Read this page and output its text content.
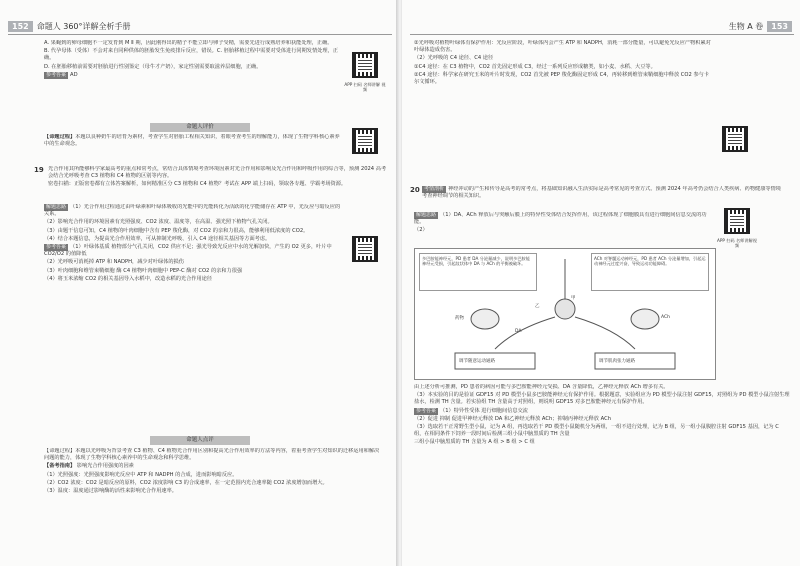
152	命题人 360°详解全析手册

A. 果蝇到的卵母细胞不一定发育到 M Ⅱ 期，因此刚得出的精子不能立即与卵子受精，需要先进行成熟培养和获能处理，正确。

B. 代孕母体（受体）不会对来自同种供体的胚胎发生免疫排斥反应，错误。C. 胚胎移植过程中需要对受体进行同期发情处理，正确。

D. 在胚胎移植前需要对胚胎进行性别鉴定（母牛才产奶），家定性别需要取滋养层细胞，正确。

参考答案 AD

APP 扫码 名师讲解 视频
命题人评价

【命题过程】本题以良种奶牛的培育为素材，考查学生对胚胎工程相关知识，着眼考查考生的理解能力，体现了生物学科核心素养中的生命观念。

19 光合作用其所能够科学家最高考的重点和常考点，常结合具体情境考查环境因素对光合作用和影响及光合作用和呼吸作用的综合等，预测 2024 高考会结合光呼吸考查 C3 植物和 C4 植物的区别等内容。

密卷扫描：正版密卷都有立体答案解析，如何精准区分 C3 植物和 C4 植物？考试在 APP 端上扫码，领取各专题、学霸考场资源。

解题思路 （1）光合作用过程通过由叶绿素和叶绿体吸收的光能中的光能转化为活跃的化学能储存在 ATP 中，光反应与暗反应的关系。

（2）影响光合作用的环境因素有光照强度、CO2 浓度、温度等，在高温、强光照下植物气孔关闭。

（3）由题干信息可知，C4 植物的叶肉细胞中含有 PEP 羧化酶，对 CO2 的亲和力很高，能够利用低浓度的 CO2。

（4）结合本题信息，为提高光合作用效率，可从抑制光呼吸、引入 C4 途径相关基因等方面考虑。

参考答案 （1）叶绿体基质 植物部分气孔关闭，CO2 供应不足；强光导致光反应中水的光解加快，产生的 O2 更多，叶片中 CO2/O2 的值降低

（2）光呼吸可消耗掉 ATP 和 NADPH，减少对叶绿体的损伤

（3）叶肉细胞和维管束鞘细胞 酶 C4 植物叶肉细胞中 PEP-C 酶对 CO2 的亲和力很强

（4）将玉米浓缩 CO2 的相关基因导入水稻中，改造水稻的光合作用途径

命题人点评

【命题过程】本题以光呼吸为背景考查 C3 植物、C4 植物光合作用区别和提高光合作用效率的方法等内容，着重考查学生对知识的迁移运用和解决问题的能力，体现了生物学科核心素养中的生命观念和科学思维。

【备考指南】 影响光合作用强度的因素

（1）光照强度：光照强度影响光反应中 ATP 和 NADPH 的合成，进而影响暗反应。

（2）CO2 浓度：CO2 是暗反应的原料，CO2 浓度影响 C3 的合成速率，在一定范围内光合速率随 CO2 浓度增加而增大。

（3）温度：温度通过影响酶的活性来影响光合作用速率。

生物 A 卷	153

②光呼吸对植物叶绿体有保护作用：光反应阶段，叶绿体内会产生 ATP 和 NADPH，消耗一部分能量，可以避免光反应产物积累对叶绿体造成伤害。

（2）光呼吸的 C4 途径、C4 途径

①C4 途径：在 C3 植物中，CO2 首先固定形成 C3，经过一系列反应形成糖类，如小麦、水稻、大豆等。

②C4 途径：科学家在研究玉米的叶片时发现，CO2 首先被 PEP 羧化酶固定形成 C4，再转移到维管束鞘细胞中释放 CO2 参与卡尔文循环。

20 考情剖析 神经冲动的产生和传导是高考的常考点，将基础知识融入生活实际是高考常见的考查方式。预测 2024 年高考仍会结合人类疾病、药物健康等情境考查神经调节的相关知识。

解题思路 （1）DA、ACh 释放后与突触后膜上的特异性受体结合发挥作用，该过程体现了细胞膜具有进行细胞间信息交流的功能。

（2）

APP 扫码 名师讲解视频
多巴胺能神经元，PD 患者 DA 分泌量减少，说明多巴胺能神经元受损，引起纹状体中 DA 与 ACh 的平衡被破坏。
ACh 对脊髓运动神经元，PD 患者 ACh 分泌量增加，引起运动神经元过度兴奋，导致运动功能障碍。
药物
DA
ACh
甲
乙
调节随意运动通路	调节肌肉张力通路

由上述分析可推测，PD 患者的病因可能与多巴胺能神经元受损、DA 含量降低，乙神经元释放 ACh 增多有关。

（3）本实验的目的是验证 GDF15 对 PD 模型小鼠多巴胺能神经元有保护作用。根据题意，实验组应为 PD 模型小鼠注射 GDF15，对照组为 PD 模型小鼠注射生理盐水，检测 TH 含量。若实验组 TH 含量高于对照组，则说明 GDF15 对多巴胺能神经元有保护作用。

参考答案 （1）特异性受体 进行细胞间信息交流

（2）促进 抑制 促进甲神经元释放 DA 和乙神经元释放 ACh；抑制丙神经元释放 ACh

（3）选取若干正常野生型小鼠，记为 A 组，再选取若干 PD 模型小鼠随机分为两组，一组不进行处理，记为 B 组，另一组小鼠腹腔注射 GDF15 基因，记为 C 组，在相同条件下饲养一段时间后检测三组小鼠中脑黑质的 TH 含量

三组小鼠中脑黑质的 TH 含量为 A 组 > B 组 > C 组
